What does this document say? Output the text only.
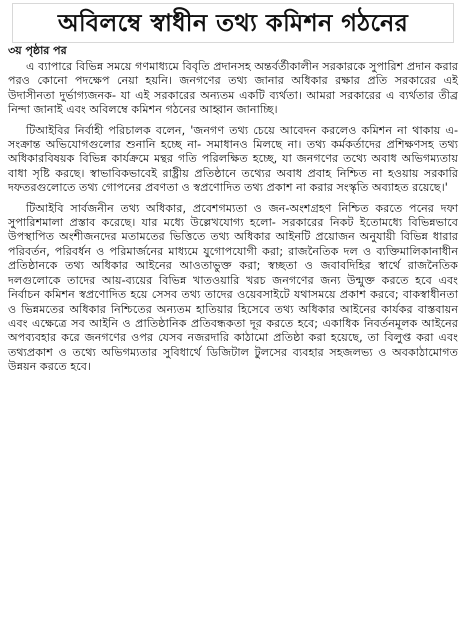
অবিলম্বে স্বাধীন তথ্য কমিশন গঠনের
৩য় পৃষ্ঠার পর

এ ব্যাপারে বিভিন্ন সময়ে গণমাধ্যমে বিবৃতি প্রদানসহ অন্তর্বর্তীকালীন সরকারকে সুপারিশ প্রদান করার পরও কোনো পদক্ষেপ নেয়া হয়নি। জনগণের তথ্য জানার অধিকার রক্ষার প্রতি সরকারের এই উদাসীনতা দুর্ভাগ্যজনক- যা এই সরকারের অন্যতম একটি ব্যর্থতা। আমরা সরকারের এ ব্যর্থতার তীব্র নিন্দা জানাই এবং অবিলম্বে কমিশন গঠনের আহ্বান জানাচ্ছি।

টিআইবির নির্বাহী পরিচালক বলেন, 'জনগণ তথ্য চেয়ে আবেদন করলেও কমিশন না থাকায় এ-সংক্রান্ত অভিযোগগুলোর শুনানি হচ্ছে না- সমাধানও মিলছে না। তথ্য কর্মকর্তাদের প্রশিক্ষণসহ তথ্য অধিকারবিষয়ক বিভিন্ন কার্যক্রমে মন্থর গতি পরিলক্ষিত হচ্ছে, যা জনগণের তথ্যে অবাধ অভিগম্যতায় বাধা সৃষ্টি করছে। স্বাভাবিকভাবেই রাষ্ট্রীয় প্রতিষ্ঠানে তথ্যের অবাধ প্রবাহ নিশ্চিত না হওয়ায় সরকারি দফতরগুলোতে তথ্য গোপনের প্রবণতা ও স্বপ্রণোদিত তথ্য প্রকাশ না করার সংস্কৃতি অব্যাহত রয়েছে।'

টিআইবি সার্বজনীন তথ্য অধিকার, প্রবেশগম্যতা ও জন-অংশগ্রহণ নিশ্চিত করতে পনের দফা সুপারিশমালা প্রস্তাব করেছে। যার মধ্যে উল্লেখযোগ্য হলো- সরকারের নিকট ইতোমধ্যে বিভিন্নভাবে উপস্থাপিত অংশীজনদের মতামতের ভিত্তিতে তথ্য অধিকার আইনটি প্রয়োজন অনুযায়ী বিভিন্ন ধারার পরিবর্তন, পরিবর্ধন ও পরিমার্জনের মাধ্যমে যুগোপযোগী করা; রাজনৈতিক দল ও ব্যক্তিমালিকানাধীন প্রতিষ্ঠানকে তথ্য অধিকার আইনের আওতাভুক্ত করা; স্বচ্ছতা ও জবাবদিহির স্বার্থে রাজনৈতিক দলগুলোকে তাদের আয়-ব্যয়ের বিভিন্ন খাতওয়ারি খরচ জনগণের জন্য উন্মুক্ত করতে হবে এবং নির্বাচন কমিশন স্বপ্রণোদিত হয়ে সেসব তথ্য তাদের ওয়েবসাইটে যথাসময়ে প্রকাশ করবে; বাকস্বাধীনতা ও ভিন্নমতের অধিকার নিশ্চিতের অন্যতম হাতিয়ার হিসেবে তথ্য অধিকার আইনের কার্যকর বাস্তবায়ন এবং এক্ষেত্রে সব আইনি ও প্রাতিষ্ঠানিক প্রতিবন্ধকতা দূর করতে হবে; একাধিক নিবর্তনমূলক আইনের অপব্যবহার করে জনগণের ওপর যেসব নজরদারি কাঠামো প্রতিষ্ঠা করা হয়েছে, তা বিলুপ্ত করা এবং তথ্যপ্রকাশ ও তথ্যে অভিগম্যতার সুবিধার্থে ডিজিটাল টুলসের ব্যবহার সহজলভ্য ও অবকাঠামোগত উন্নয়ন করতে হবে।
